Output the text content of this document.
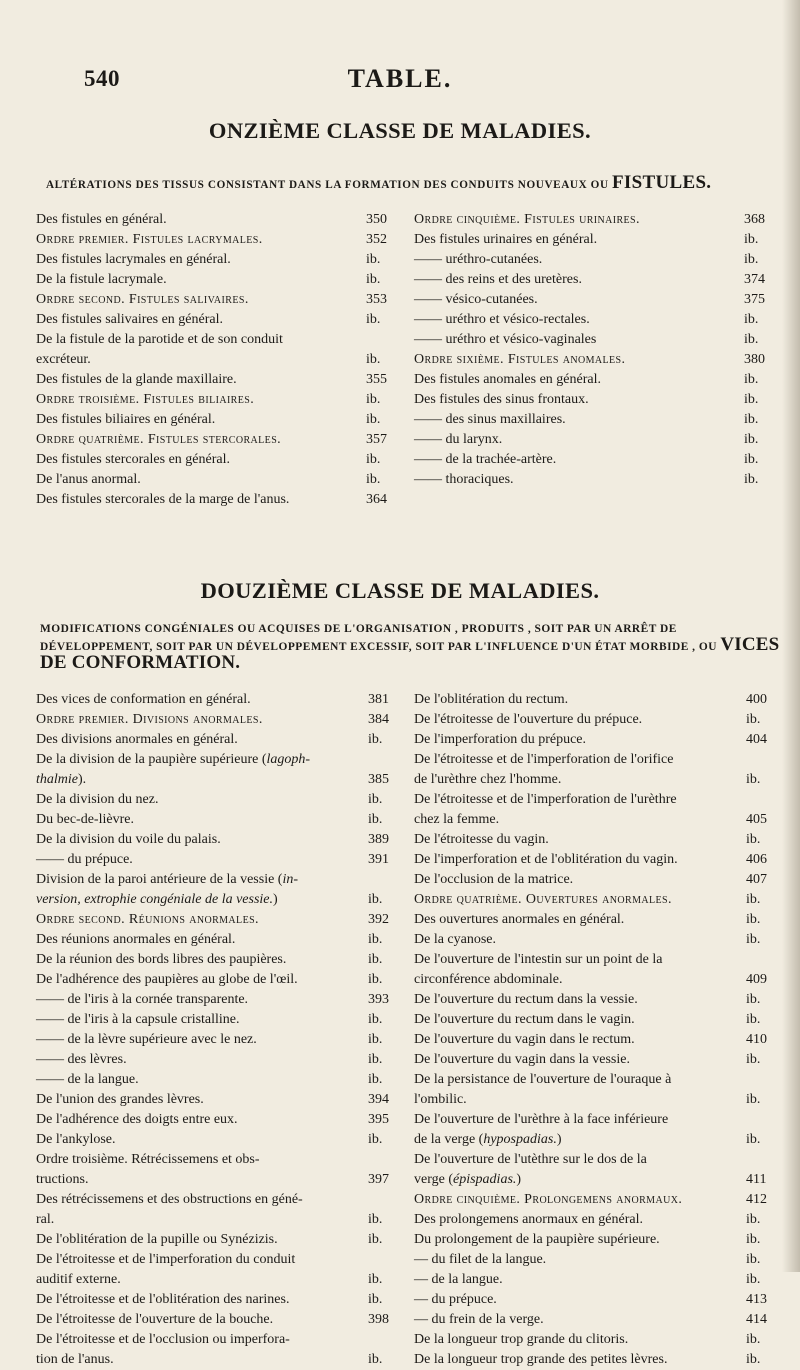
540	TABLE.
ONZIÈME CLASSE DE MALADIES.
ALTÉRATIONS DES TISSUS CONSISTANT DANS LA FORMATION DES CONDUITS NOUVEAUX OU FISTULES.
Des fistules en général.	350
Ordre premier. Fistules lacrymales.	352
Des fistules lacrymales en général.	ib.
De la fistule lacrymale.	ib.
Ordre second. Fistules salivaires.	353
Des fistules salivaires en général.	ib.
De la fistule de la parotide et de son conduit
excréteur.	ib.
Des fistules de la glande maxillaire.	355
Ordre troisième. Fistules biliaires.	ib.
Des fistules biliaires en général.	ib.
Ordre quatrième. Fistules stercorales.	357
Des fistules stercorales en général.	ib.
De l'anus anormal.	ib.
Des fistules stercorales de la marge de l'anus.	364
Ordre cinquième. Fistules urinaires.	368
Des fistules urinaires en général.	ib.
—— uréthro-cutanées.	ib.
—— des reins et des uretères.	374
—— vésico-cutanées.	375
—— uréthro et vésico-rectales.	ib.
—— uréthro et vésico-vaginales	ib.
Ordre sixième. Fistules anomales.	380
Des fistules anomales en général.	ib.
Des fistules des sinus frontaux.	ib.
—— des sinus maxillaires.	ib.
—— du larynx.	ib.
—— de la trachée-artère.	ib.
—— thoraciques.	ib.
DOUZIÈME CLASSE DE MALADIES.
MODIFICATIONS CONGÉNIALES OU ACQUISES DE L'ORGANISATION , PRODUITS , SOIT PAR UN ARRÊT DE DÉVELOPPEMENT, SOIT PAR UN DÉVELOPPEMENT EXCESSIF, SOIT PAR L'INFLUENCE D'UN ÉTAT MORBIDE , OU VICES DE CONFORMATION.
Des vices de conformation en général.	381
Ordre premier. Divisions anormales.	384
Des divisions anormales en général.	ib.
De la division de la paupière supérieure (lagoph-
thalmie).	385
De la division du nez.	ib.
Du bec-de-lièvre.	ib.
De la division du voile du palais.	389
—— du prépuce.	391
Division de la paroi antérieure de la vessie (in-
version, extrophie congéniale de la vessie.)	ib.
Ordre second. Réunions anormales.	392
Des réunions anormales en général.	ib.
De la réunion des bords libres des paupières.	ib.
De l'adhérence des paupières au globe de l'œil.	ib.
—— de l'iris à la cornée transparente.	393
—— de l'iris à la capsule cristalline.	ib.
—— de la lèvre supérieure avec le nez.	ib.
—— des lèvres.	ib.
—— de la langue.	ib.
De l'union des grandes lèvres.	394
De l'adhérence des doigts entre eux.	395
De l'ankylose.	ib.
Ordre troisième. Rétrécissemens et obs-
tructions.	397
Des rétrécissemens et des obstructions en géné-
ral.	ib.
De l'oblitération de la pupille ou Synézizis.	ib.
De l'étroitesse et de l'imperforation du conduit
auditif externe.	ib.
De l'étroitesse et de l'oblitération des narines.	ib.
De l'étroitesse de l'ouverture de la bouche.	398
De l'étroitesse et de l'occlusion ou imperfora-
tion de l'anus.	ib.
De l'oblitération du rectum.	400
De l'étroitesse de l'ouverture du prépuce.	ib.
De l'imperforation du prépuce.	404
De l'étroitesse et de l'imperforation de l'orifice
de l'urèthre chez l'homme.	ib.
De l'étroitesse et de l'imperforation de l'urèthre
chez la femme.	405
De l'étroitesse du vagin.	ib.
De l'imperforation et de l'oblitération du vagin.	406
De l'occlusion de la matrice.	407
Ordre quatrième. Ouvertures anormales.	ib.
Des ouvertures anormales en général.	ib.
De la cyanose.	ib.
De l'ouverture de l'intestin sur un point de la
circonférence abdominale.	409
De l'ouverture du rectum dans la vessie.	ib.
De l'ouverture du rectum dans le vagin.	ib.
De l'ouverture du vagin dans le rectum.	410
De l'ouverture du vagin dans la vessie.	ib.
De la persistance de l'ouverture de l'ouraque à
l'ombilic.	ib.
De l'ouverture de l'urèthre à la face inférieure
de la verge (hypospadias.)	ib.
De l'ouverture de l'utèthre sur le dos de la
verge (épispadias.)	411
Ordre cinquième. Prolongemens anormaux.	412
Des prolongemens anormaux en général.	ib.
Du prolongement de la paupière supérieure.	ib.
— du filet de la langue.	ib.
— de la langue.	ib.
— du prépuce.	413
— du frein de la verge.	414
De la longueur trop grande du clitoris.	ib.
De la longueur trop grande des petites lèvres.	ib.
